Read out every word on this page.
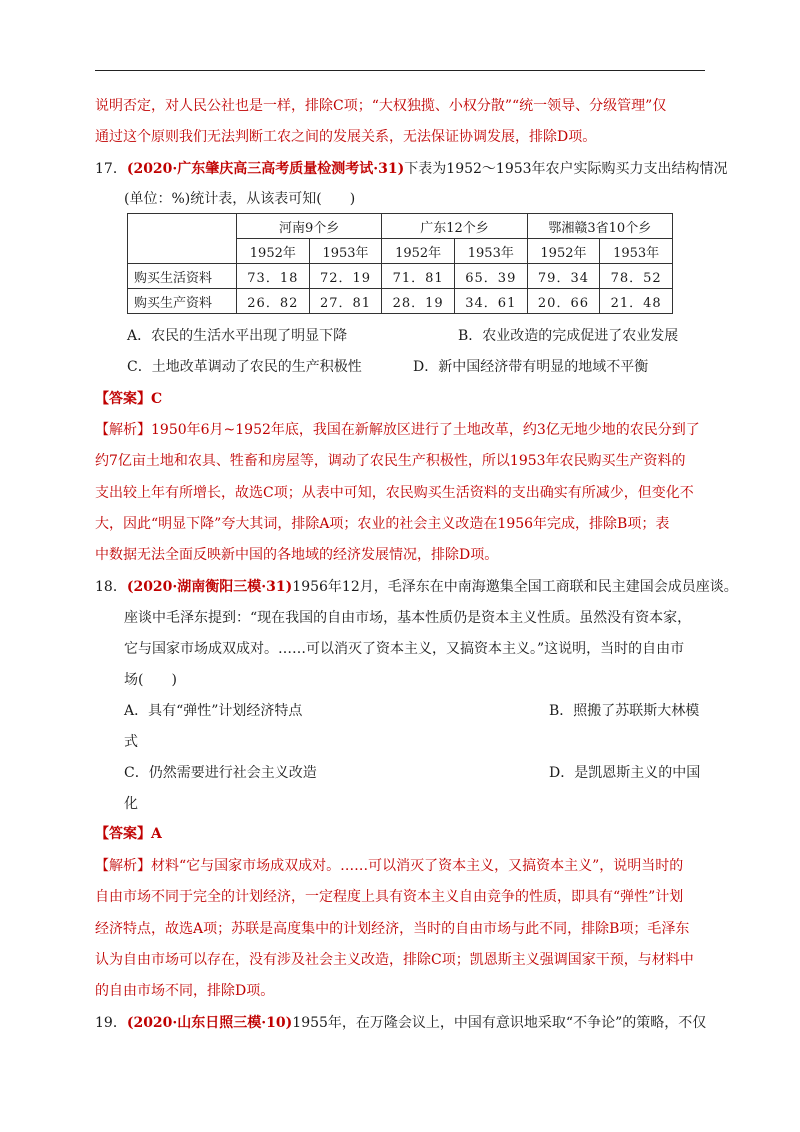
说明否定，对人民公社也是一样，排除C项；“大权独揽、小权分散”“统一领导、分级管理”仅
通过这个原则我们无法判断工农之间的发展关系，无法保证协调发展，排除D项。
17．(2020·广东肇庆高三高考质量检测考试·31)下表为1952～1953年农户实际购买力支出结构情况
(单位：%)统计表，从该表可知(　　)
	河南9个乡		广东12个乡		鄂湘赣3省10个乡	
	1952年	1953年	1952年	1953年	1952年	1953年
购买生活资料	73．18	72．19	71．81	65．39	79．34	78．52
购买生产资料	26．82	27．81	28．19	34．61	20．66	21．48
A．农民的生活水平出现了明显下降	B．农业改造的完成促进了农业发展
C．土地改革调动了农民的生产积极性	D．新中国经济带有明显的地域不平衡
【答案】C
【解析】1950年6月~1952年底，我国在新解放区进行了土地改革，约3亿无地少地的农民分到了
约7亿亩土地和农具、牲畜和房屋等，调动了农民生产积极性，所以1953年农民购买生产资料的
支出较上年有所增长，故选C项；从表中可知，农民购买生活资料的支出确实有所减少，但变化不
大，因此“明显下降”夸大其词，排除A项；农业的社会主义改造在1956年完成，排除B项；表
中数据无法全面反映新中国的各地域的经济发展情况，排除D项。
18．(2020·湖南衡阳三模·31)1956年12月，毛泽东在中南海邀集全国工商联和民主建国会成员座谈。
座谈中毛泽东提到：“现在我国的自由市场，基本性质仍是资本主义性质。虽然没有资本家，
它与国家市场成双成对。……可以消灭了资本主义，又搞资本主义。”这说明，当时的自由市
场(　　)
A．具有“弹性”计划经济特点	B．照搬了苏联斯大林模
式
C．仍然需要进行社会主义改造	D．是凯恩斯主义的中国
化
【答案】A
【解析】材料“它与国家市场成双成对。……可以消灭了资本主义，又搞资本主义”，说明当时的
自由市场不同于完全的计划经济，一定程度上具有资本主义自由竞争的性质，即具有“弹性”计划
经济特点，故选A项；苏联是高度集中的计划经济，当时的自由市场与此不同，排除B项；毛泽东
认为自由市场可以存在，没有涉及社会主义改造，排除C项；凯恩斯主义强调国家干预，与材料中
的自由市场不同，排除D项。
19．(2020·山东日照三模·10)1955年，在万隆会议上，中国有意识地采取“不争论”的策略，不仅
